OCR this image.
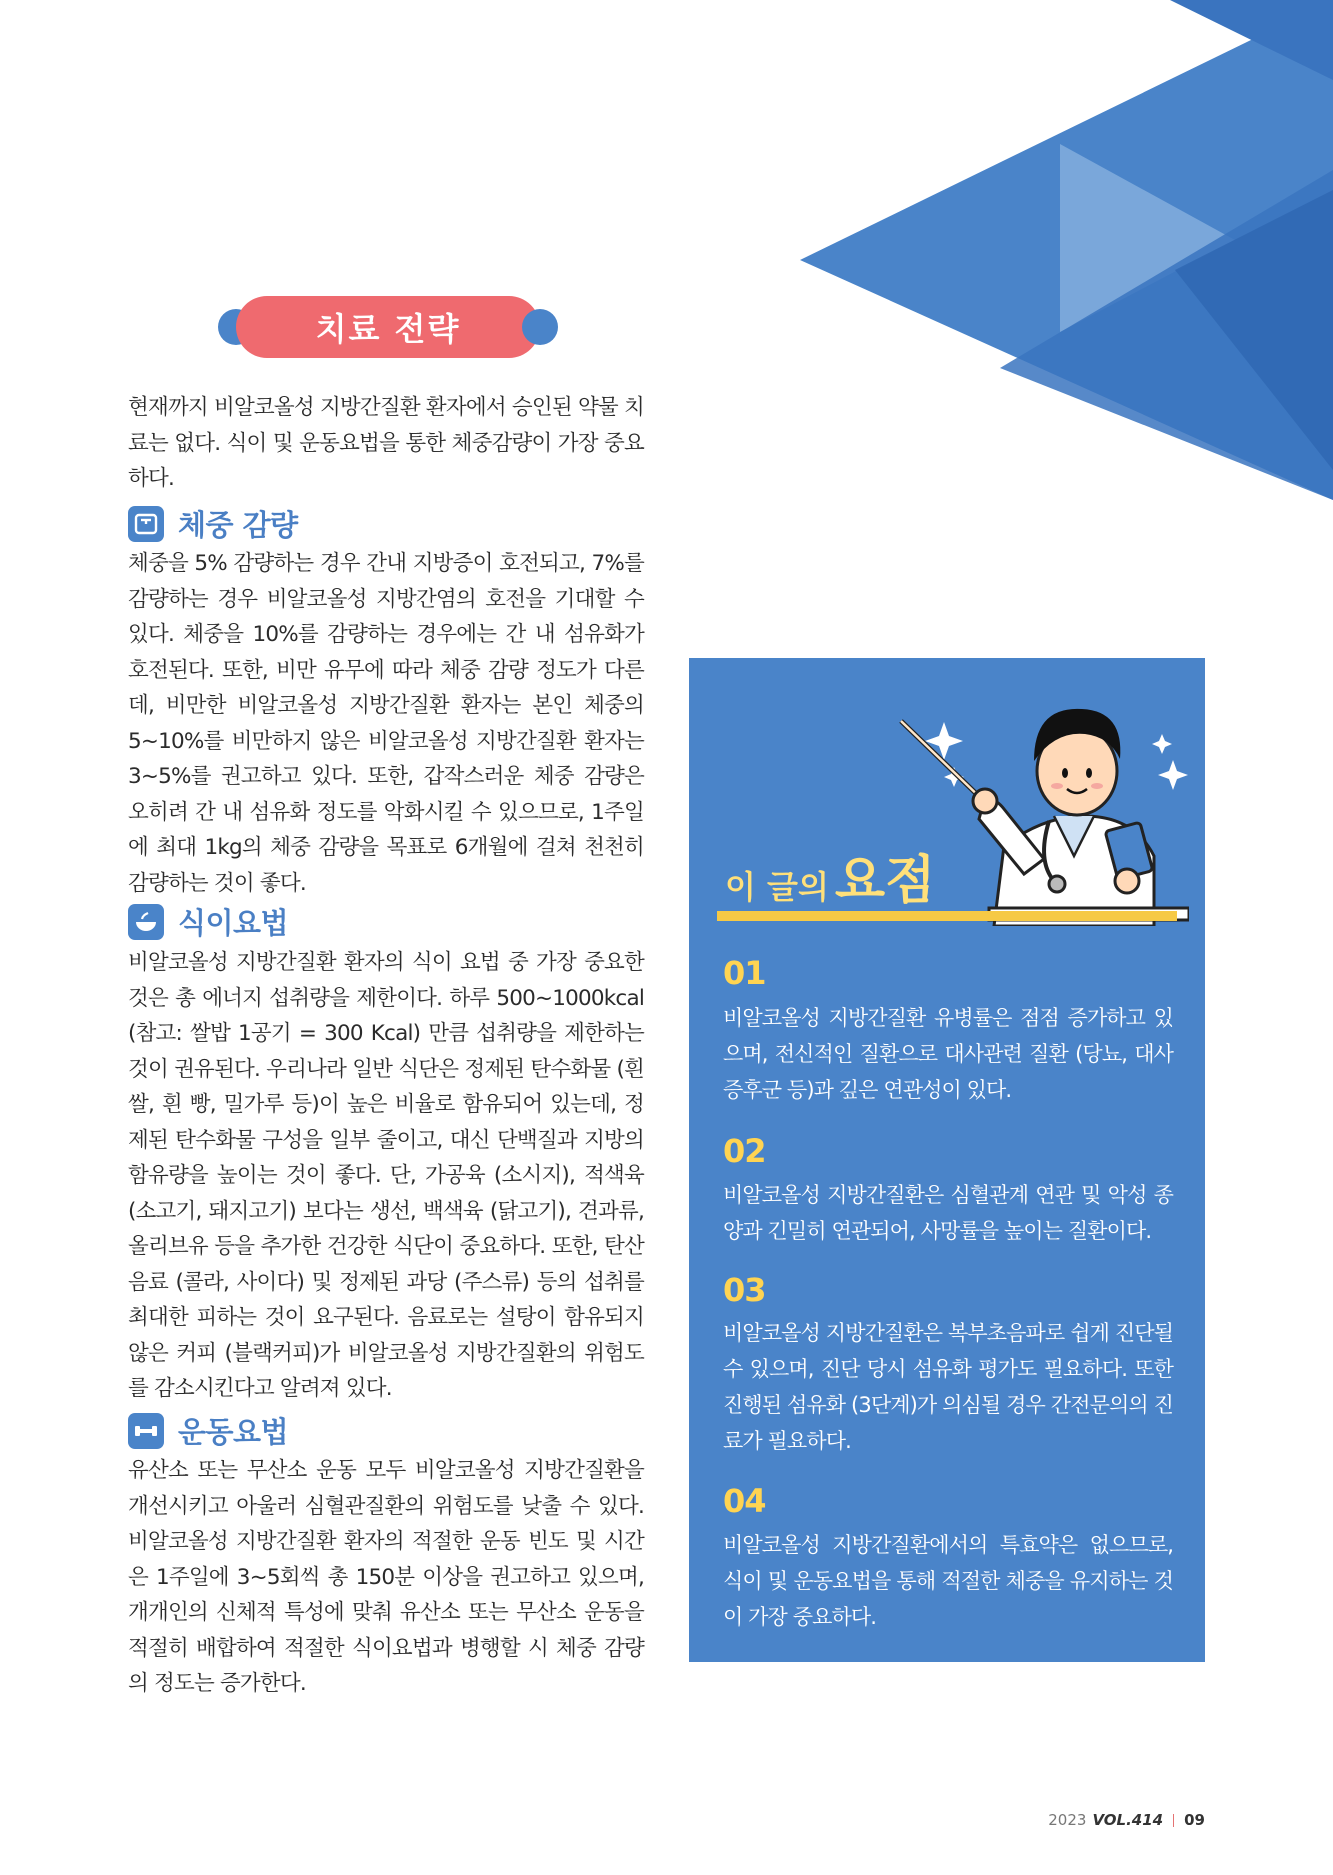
치료 전략

현재까지 비알코올성 지방간질환 환자에서 승인된 약물 치료는 없다. 식이 및 운동요법을 통한 체중감량이 가장 중요하다.

체중 감량

체중을 5% 감량하는 경우 간내 지방증이 호전되고, 7%를 감량하는 경우 비알코올성 지방간염의 호전을 기대할 수 있다. 체중을 10%를 감량하는 경우에는 간 내 섬유화가 호전된다. 또한, 비만 유무에 따라 체중 감량 정도가 다른데, 비만한 비알코올성 지방간질환 환자는 본인 체중의 5~10%를 비만하지 않은 비알코올성 지방간질환 환자는 3~5%를 권고하고 있다. 또한, 갑작스러운 체중 감량은 오히려 간 내 섬유화 정도를 악화시킬 수 있으므로, 1주일에 최대 1kg의 체중 감량을 목표로 6개월에 걸쳐 천천히 감량하는 것이 좋다.

식이요법

비알코올성 지방간질환 환자의 식이 요법 중 가장 중요한 것은 총 에너지 섭취량을 제한이다. 하루 500~1000kcal (참고: 쌀밥 1공기 = 300 Kcal) 만큼 섭취량을 제한하는 것이 권유된다. 우리나라 일반 식단은 정제된 탄수화물 (흰 쌀, 흰 빵, 밀가루 등)이 높은 비율로 함유되어 있는데, 정제된 탄수화물 구성을 일부 줄이고, 대신 단백질과 지방의 함유량을 높이는 것이 좋다. 단, 가공육 (소시지), 적색육(소고기, 돼지고기) 보다는 생선, 백색육 (닭고기), 견과류, 올리브유 등을 추가한 건강한 식단이 중요하다. 또한, 탄산음료 (콜라, 사이다) 및 정제된 과당 (주스류) 등의 섭취를 최대한 피하는 것이 요구된다. 음료로는 설탕이 함유되지 않은 커피 (블랙커피)가 비알코올성 지방간질환의 위험도를 감소시킨다고 알려져 있다.

운동요법

유산소 또는 무산소 운동 모두 비알코올성 지방간질환을 개선시키고 아울러 심혈관질환의 위험도를 낮출 수 있다. 비알코올성 지방간질환 환자의 적절한 운동 빈도 및 시간은 1주일에 3~5회씩 총 150분 이상을 권고하고 있으며, 개개인의 신체적 특성에 맞춰 유산소 또는 무산소 운동을 적절히 배합하여 적절한 식이요법과 병행할 시 체중 감량의 정도는 증가한다.

이 글의 요점
01

비알코올성 지방간질환 유병률은 점점 증가하고 있으며, 전신적인 질환으로 대사관련 질환 (당뇨, 대사증후군 등)과 깊은 연관성이 있다.

02

비알코올성 지방간질환은 심혈관계 연관 및 악성 종양과 긴밀히 연관되어, 사망률을 높이는 질환이다.

03

비알코올성 지방간질환은 복부초음파로 쉽게 진단될 수 있으며, 진단 당시 섬유화 평가도 필요하다. 또한 진행된 섬유화 (3단계)가 의심될 경우 간전문의의 진료가 필요하다.

04

비알코올성 지방간질환에서의 특효약은 없으므로, 식이 및 운동요법을 통해 적절한 체중을 유지하는 것이 가장 중요하다.

2023 VOL.414 09
